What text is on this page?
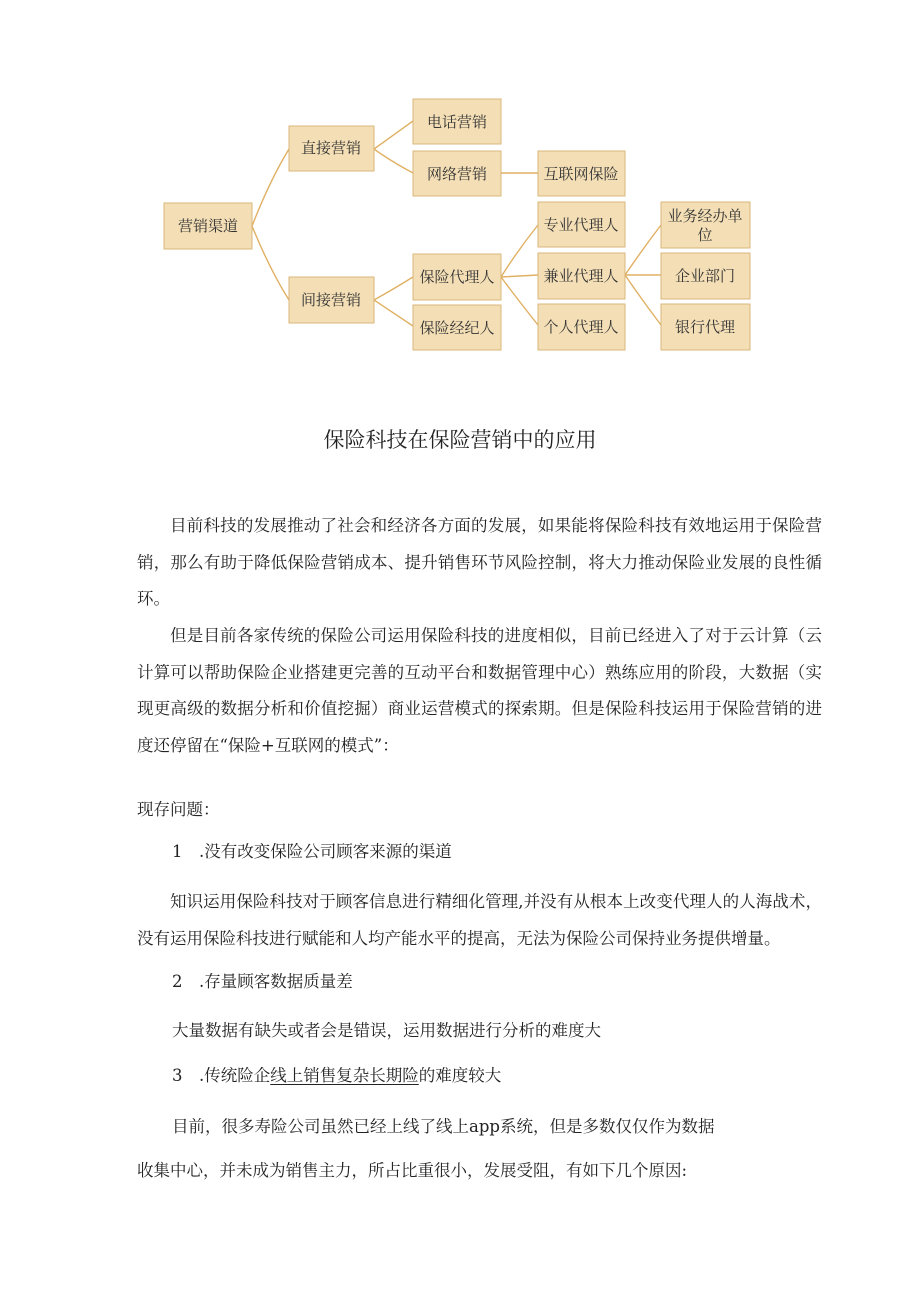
营销渠道
直接营销
间接营销
电话营销
网络营销	互联网保险
保险代理人
保险经纪人
专业代理人
兼业代理人
个人代理人
业务经办单
位
企业部门
银行代理
保险科技在保险营销中的应用

目前科技的发展推动了社会和经济各方面的发展，如果能将保险科技有效地运用于保险营销，那么有助于降低保险营销成本、提升销售环节风险控制，将大力推动保险业发展的良性循环。

但是目前各家传统的保险公司运用保险科技的进度相似，目前已经进入了对于云计算（云计算可以帮助保险企业搭建更完善的互动平台和数据管理中心）熟练应用的阶段，大数据（实现更高级的数据分析和价值挖掘）商业运营模式的探索期。但是保险科技运用于保险营销的进度还停留在“保险+互联网的模式”：

现存问题：

1　.没有改变保险公司顾客来源的渠道

知识运用保险科技对于顾客信息进行精细化管理,并没有从根本上改变代理人的人海战术，没有运用保险科技进行赋能和人均产能水平的提高，无法为保险公司保持业务提供增量。

2　.存量顾客数据质量差

大量数据有缺失或者会是错误，运用数据进行分析的难度大

3　.传统险企线上销售复杂长期险的难度较大

目前，很多寿险公司虽然已经上线了线上app系统，但是多数仅仅作为数据

收集中心，并未成为销售主力，所占比重很小，发展受阻，有如下几个原因:
